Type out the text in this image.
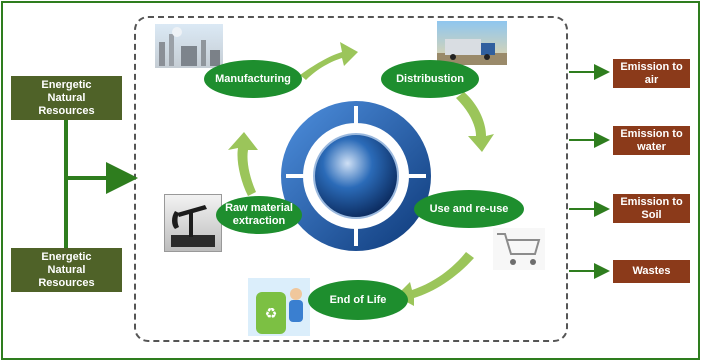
Energetic
Natural
Resources
Energetic
Natural
Resources
Emission to
air
Emission to
water
Emission to
Soil
Wastes
♻
Manufacturing	Distribustion
Use and re-use
End of Life
Raw material
extraction
